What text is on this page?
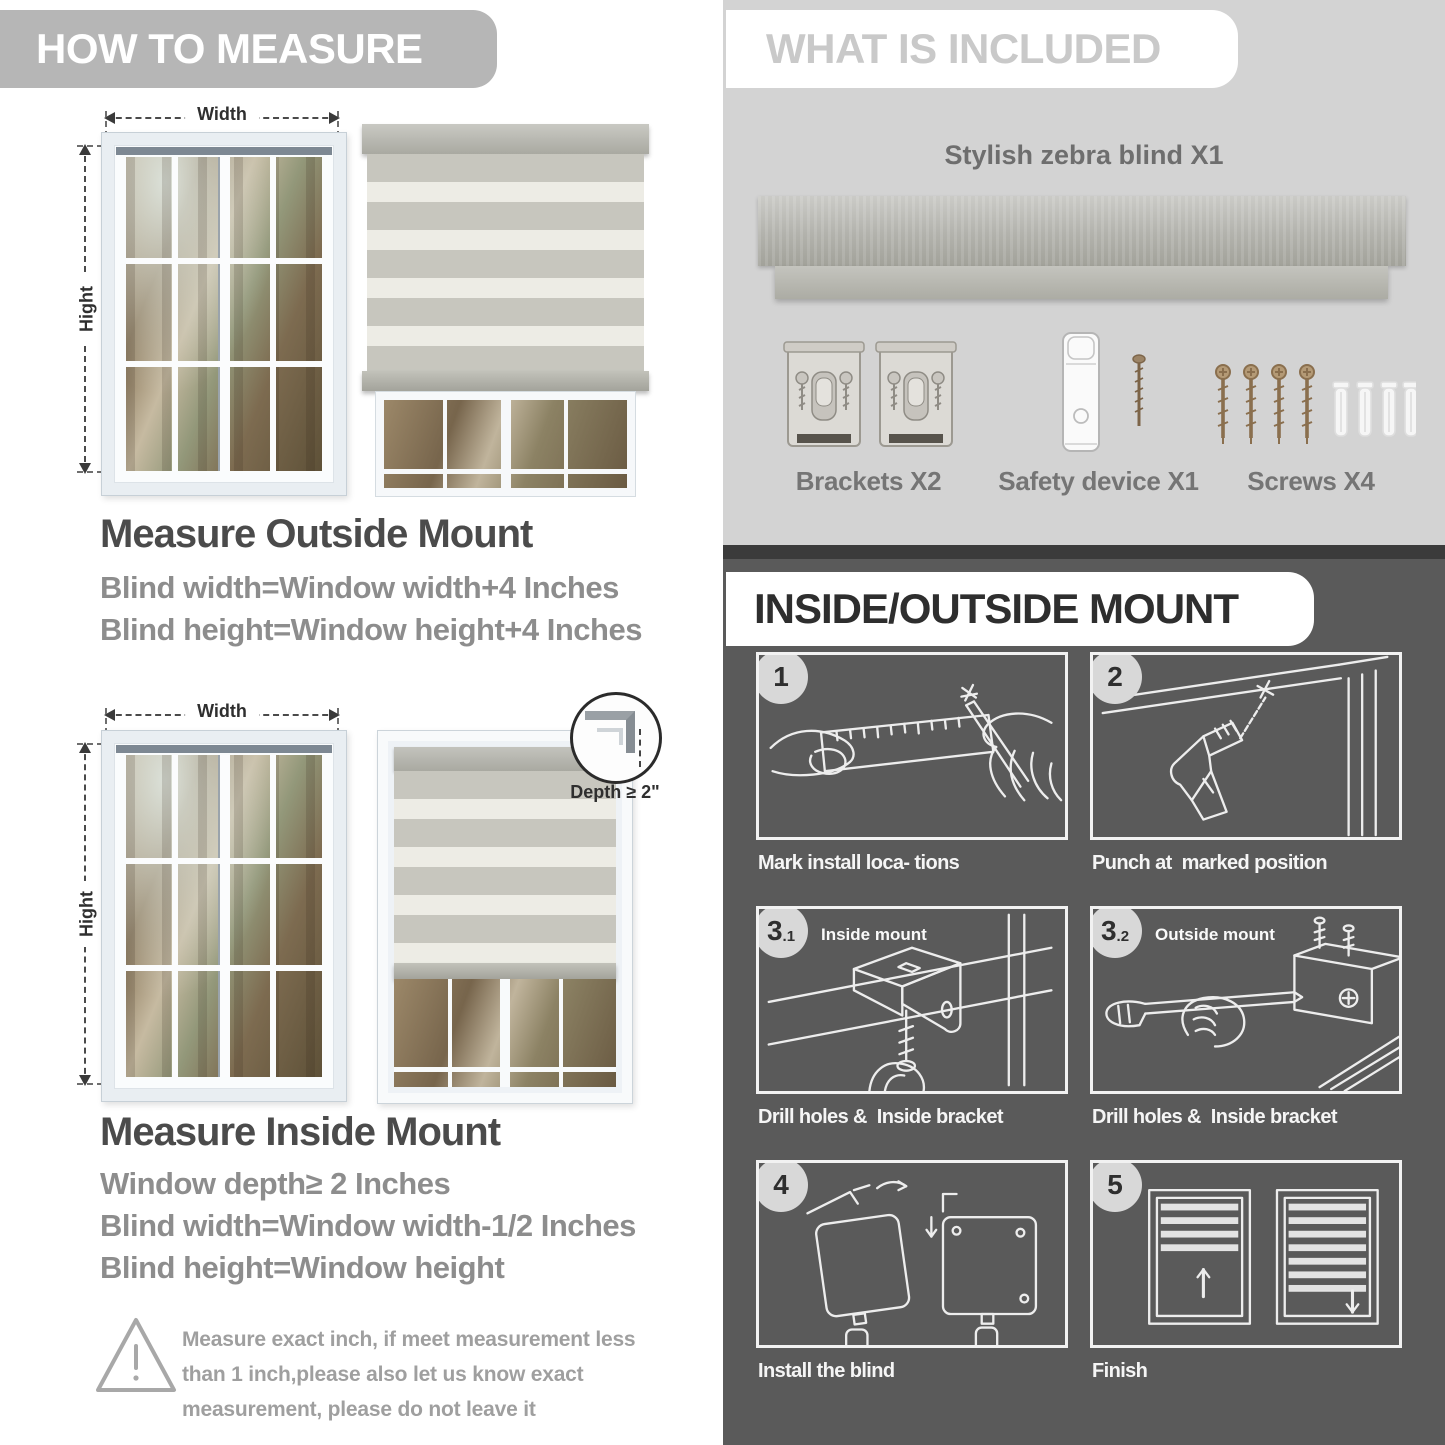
HOW TO MEASURE
Width
Hight
Measure Outside Mount
Blind width=Window width+4 Inches
Blind height=Window height+4 Inches
Width
Hight
Depth ≥ 2"
Measure Inside Mount
Window depth≥ 2 Inches
Blind width=Window width-1/2 Inches
Blind height=Window height
Measure exact inch, if meet measurement less
than 1 inch,please also let us know exact
measurement, please do not leave it
WHAT IS INCLUDED
Stylish zebra blind X1
Brackets X2	Safety device X1	Screws X4
INSIDE/OUTSIDE MOUNT
1
Mark install loca- tions
2
Punch at  marked position
3 .1 Inside mount
Drill holes &  Inside bracket
3 .2 Outside mount
Drill holes &  Inside bracket
4
Install the blind
5
Finish
